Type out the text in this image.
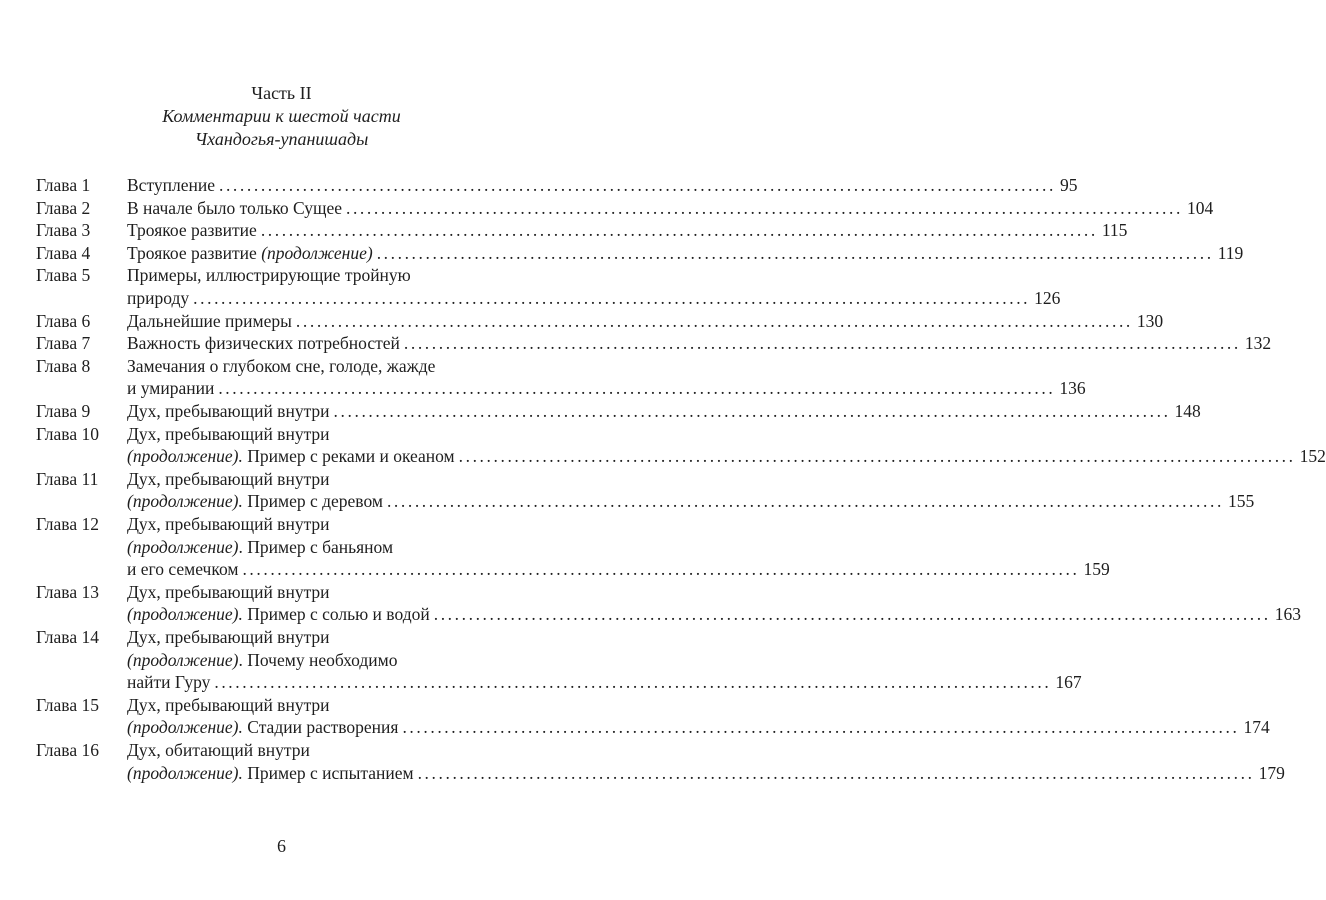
Часть II
Комментарии к шестой части
Чхандогья-упанишады
Глава 1	Вступление ........................................................................................................................ 95
Глава 2	В начале было только Сущее ........................................................................................................................ 104
Глава 3	Троякое развитие ........................................................................................................................ 115
Глава 4	Троякое развитие (продолжение) ........................................................................................................................ 119
Глава 5	Примеры, иллюстрирующие тройную
природу ........................................................................................................................ 126
Глава 6	Дальнейшие примеры ........................................................................................................................ 130
Глава 7	Важность физических потребностей ........................................................................................................................ 132
Глава 8	Замечания о глубоком сне, голоде, жажде
и умирании ........................................................................................................................ 136
Глава 9	Дух, пребывающий внутри ........................................................................................................................ 148
Глава 10	Дух, пребывающий внутри
(продолжение). Пример с реками и океаном ........................................................................................................................ 152
Глава 11	Дух, пребывающий внутри
(продолжение). Пример с деревом ........................................................................................................................ 155
Глава 12	Дух, пребывающий внутри
(продолжение). Пример с баньяном
и его семечком ........................................................................................................................ 159
Глава 13	Дух, пребывающий внутри
(продолжение). Пример с солью и водой ........................................................................................................................ 163
Глава 14	Дух, пребывающий внутри
(продолжение). Почему необходимо
найти Гуру ........................................................................................................................ 167
Глава 15	Дух, пребывающий внутри
(продолжение). Стадии растворения ........................................................................................................................ 174
Глава 16	Дух, обитающий внутри
(продолжение). Пример с испытанием ........................................................................................................................ 179
6
